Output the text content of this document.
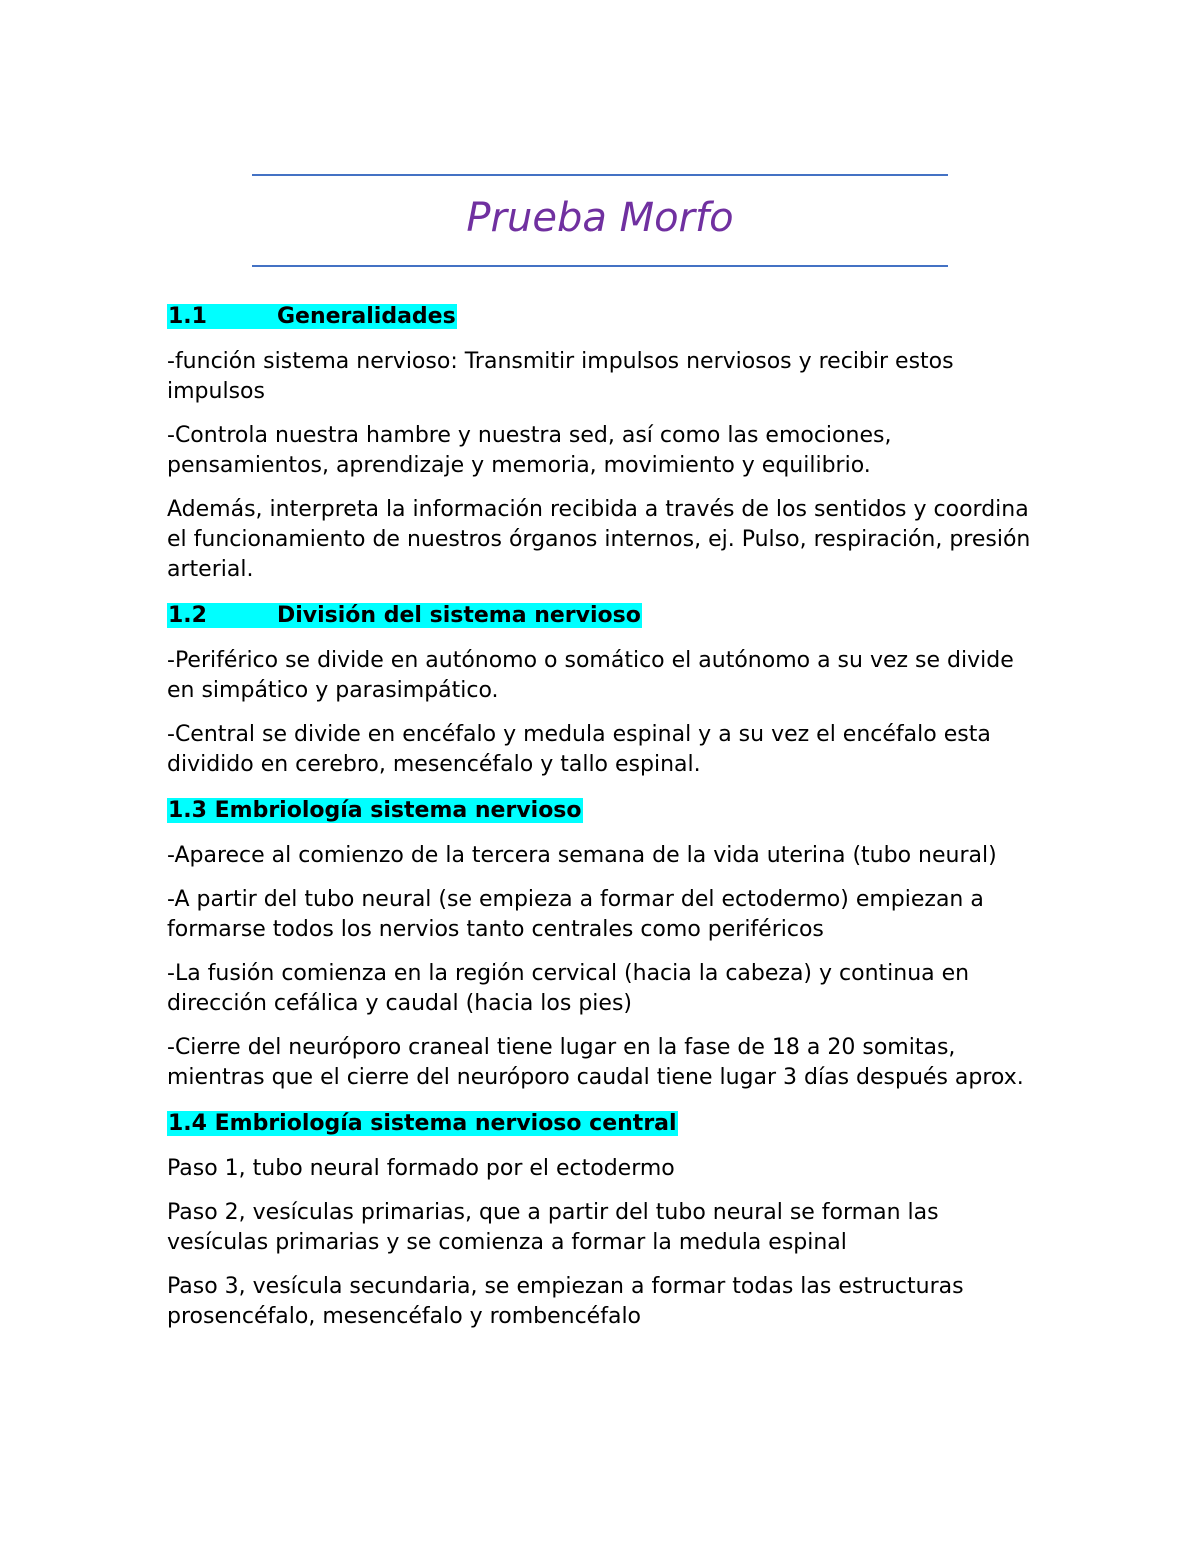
Prueba Morfo
1.1	Generalidades

-función sistema nervioso: Transmitir impulsos nerviosos y recibir estos impulsos

-Controla nuestra hambre y nuestra sed, así como las emociones, pensamientos, aprendizaje y memoria, movimiento y equilibrio.

Además, interpreta la información recibida a través de los sentidos y coordina el funcionamiento de nuestros órganos internos, ej. Pulso, respiración, presión arterial.

1.2	División del sistema nervioso

-Periférico se divide en autónomo o somático el autónomo a su vez se divide en simpático y parasimpático.

-Central se divide en encéfalo y medula espinal y a su vez el encéfalo esta dividido en cerebro, mesencéfalo y tallo espinal.

1.3 Embriología sistema nervioso

-Aparece al comienzo de la tercera semana de la vida uterina (tubo neural)

-A partir del tubo neural (se empieza a formar del ectodermo) empiezan a formarse todos los nervios tanto centrales como periféricos

-La fusión comienza en la región cervical (hacia la cabeza) y continua en dirección cefálica y caudal (hacia los pies)

-Cierre del neuróporo craneal tiene lugar en la fase de 18 a 20 somitas, mientras que el cierre del neuróporo caudal tiene lugar 3 días después aprox.

1.4 Embriología sistema nervioso central

Paso 1, tubo neural formado por el ectodermo

Paso 2, vesículas primarias, que a partir del tubo neural se forman las vesículas primarias y se comienza a formar la medula espinal

Paso 3, vesícula secundaria, se empiezan a formar todas las estructuras prosencéfalo, mesencéfalo y rombencéfalo
